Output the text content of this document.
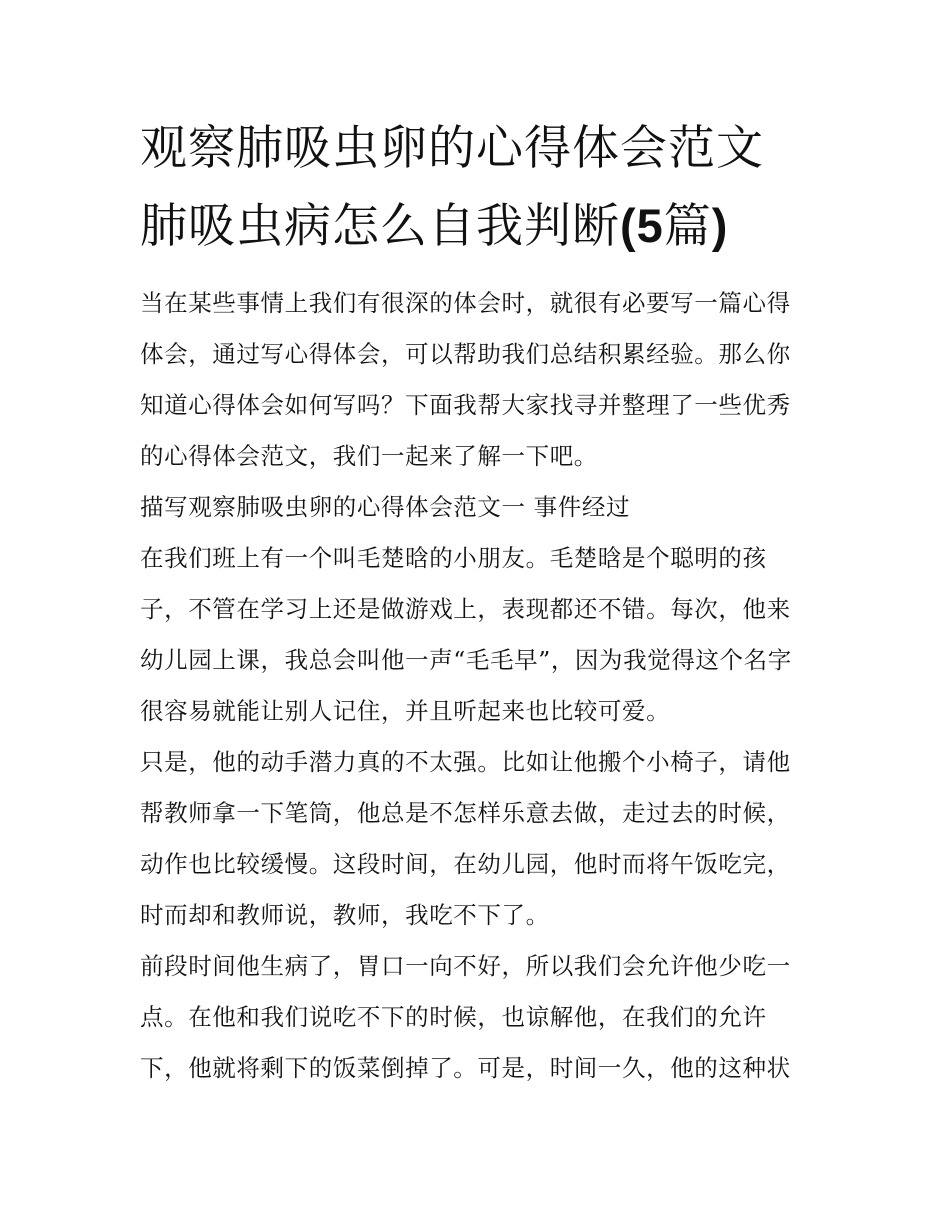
观察肺吸虫卵的心得体会范文
肺吸虫病怎么自我判断(5篇)

当在某些事情上我们有很深的体会时，就很有必要写一篇心得
体会，通过写心得体会，可以帮助我们总结积累经验。那么你
知道心得体会如何写吗？下面我帮大家找寻并整理了一些优秀
的心得体会范文，我们一起来了解一下吧。

描写观察肺吸虫卵的心得体会范文一 事件经过

在我们班上有一个叫毛楚晗的小朋友。毛楚晗是个聪明的孩
子，不管在学习上还是做游戏上，表现都还不错。每次，他来
幼儿园上课，我总会叫他一声“毛毛早”，因为我觉得这个名字
很容易就能让别人记住，并且听起来也比较可爱。

只是，他的动手潜力真的不太强。比如让他搬个小椅子，请他
帮教师拿一下笔筒，他总是不怎样乐意去做，走过去的时候，
动作也比较缓慢。这段时间，在幼儿园，他时而将午饭吃完，
时而却和教师说，教师，我吃不下了。

前段时间他生病了，胃口一向不好，所以我们会允许他少吃一
点。在他和我们说吃不下的时候，也谅解他，在我们的允许
下，他就将剩下的饭菜倒掉了。可是，时间一久，他的这种状
